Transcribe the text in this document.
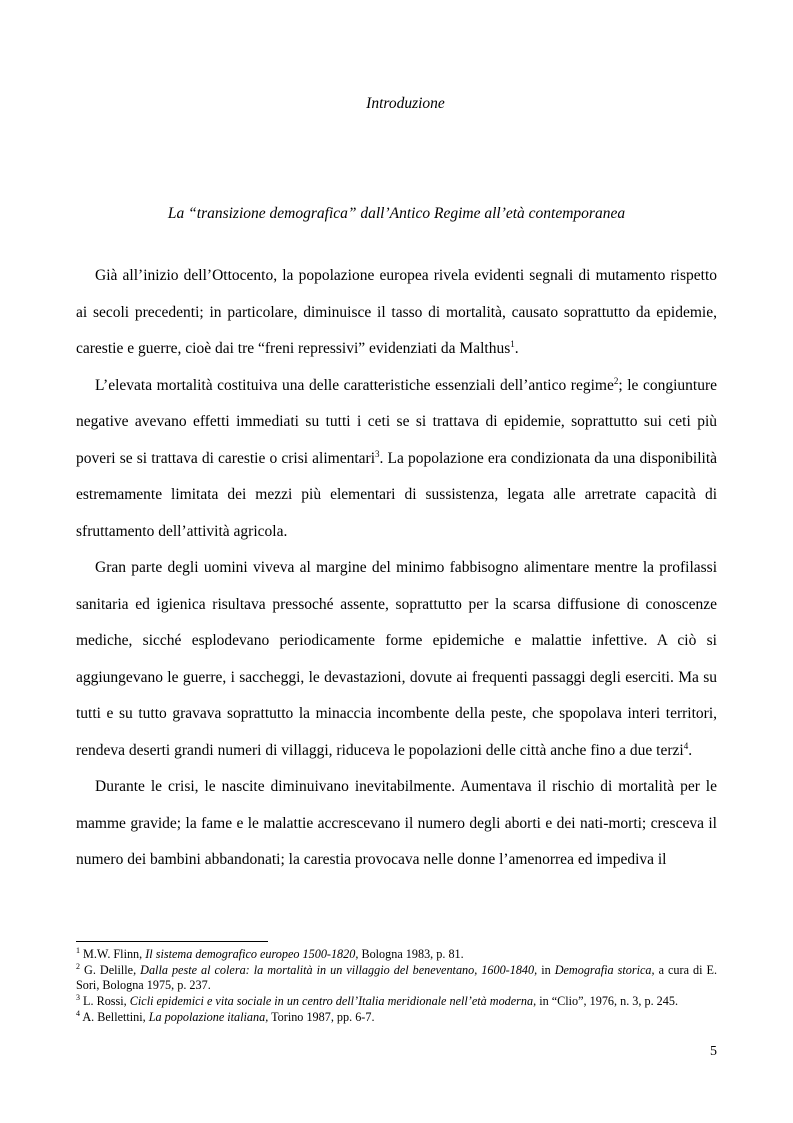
Introduzione
La “transizione demografica” dall’Antico Regime all’età contemporanea

Già all’inizio dell’Ottocento, la popolazione europea rivela evidenti segnali di mutamento rispetto ai secoli precedenti; in particolare, diminuisce il tasso di mortalità, causato soprattutto da epidemie, carestie e guerre, cioè dai tre “freni repressivi” evidenziati da Malthus$^1$.

L’elevata mortalità costituiva una delle caratteristiche essenziali dell’antico regime$^2$; le congiunture negative avevano effetti immediati su tutti i ceti se si trattava di epidemie, soprattutto sui ceti più poveri se si trattava di carestie o crisi alimentari$^3$. La popolazione era condizionata da una disponibilità estremamente limitata dei mezzi più elementari di sussistenza, legata alle arretrate capacità di sfruttamento dell’attività agricola.

Gran parte degli uomini viveva al margine del minimo fabbisogno alimentare mentre la profilassi sanitaria ed igienica risultava pressoché assente, soprattutto per la scarsa diffusione di conoscenze mediche, sicché esplodevano periodicamente forme epidemiche e malattie infettive. A ciò si aggiungevano le guerre, i saccheggi, le devastazioni, dovute ai frequenti passaggi degli eserciti. Ma su tutti e su tutto gravava soprattutto la minaccia incombente della peste, che spopolava interi territori, rendeva deserti grandi numeri di villaggi, riduceva le popolazioni delle città anche fino a due terzi$^4$.

Durante le crisi, le nascite diminuivano inevitabilmente. Aumentava il rischio di mortalità per le mamme gravide; la fame e le malattie accrescevano il numero degli aborti e dei nati-morti; cresceva il numero dei bambini abbandonati; la carestia provocava nelle donne l’amenorrea ed impediva il

$^1$ M.W. Flinn, Il sistema demografico europeo 1500-1820, Bologna 1983, p. 81.
$^2$ G. Delille, Dalla peste al colera: la mortalità in un villaggio del beneventano, 1600-1840, in Demografia storica, a cura di E. Sori, Bologna 1975, p. 237.
$^3$ L. Rossi, Cicli epidemici e vita sociale in un centro dell’Italia meridionale nell’età moderna, in “Clio”, 1976, n. 3, p. 245.
$^4$ A. Bellettini, La popolazione italiana, Torino 1987, pp. 6-7.
5
